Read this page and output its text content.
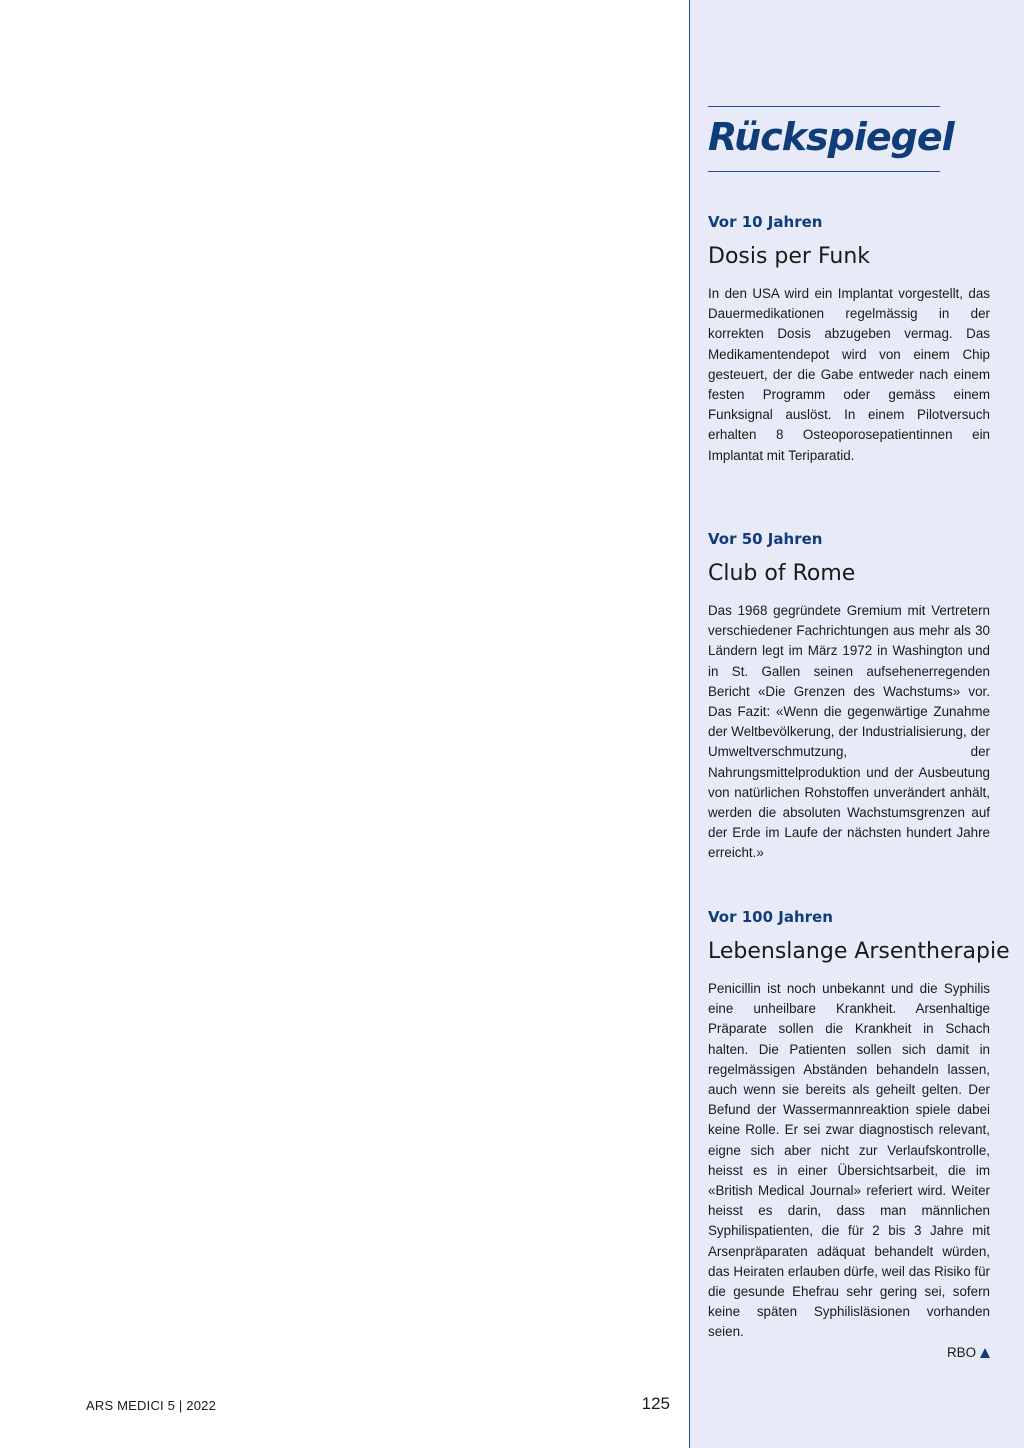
Rückspiegel

Vor 10 Jahren

Dosis per Funk

In den USA wird ein Implantat vorgestellt, das Dauermedikationen regelmässig in der korrekten Dosis abzugeben vermag. Das Medikamentendepot wird von einem Chip gesteuert, der die Gabe entweder nach einem festen Programm oder gemäss einem Funksignal auslöst. In einem Pilotversuch erhalten 8 Osteoporosepatientinnen ein Implantat mit Teriparatid.

Vor 50 Jahren

Club of Rome

Das 1968 gegründete Gremium mit Vertretern verschiedener Fachrichtungen aus mehr als 30 Ländern legt im März 1972 in Washington und in St. Gallen seinen aufsehenerregenden Bericht «Die Grenzen des Wachstums» vor. Das Fazit: «Wenn die gegenwärtige Zunahme der Weltbevölkerung, der Industrialisierung, der Umweltverschmutzung, der Nahrungsmittelproduktion und der Ausbeutung von natürlichen Rohstoffen unverändert anhält, werden die absoluten Wachstumsgrenzen auf der Erde im Laufe der nächsten hundert Jahre erreicht.»

Vor 100 Jahren

Lebenslange Arsentherapie

Penicillin ist noch unbekannt und die Syphilis eine unheilbare Krankheit. Arsenhaltige Präparate sollen die Krankheit in Schach halten. Die Patienten sollen sich damit in regelmässigen Abständen behandeln lassen, auch wenn sie bereits als geheilt gelten. Der Befund der Wassermannreaktion spiele dabei keine Rolle. Er sei zwar diagnostisch relevant, eigne sich aber nicht zur Verlaufskontrolle, heisst es in einer Übersichtsarbeit, die im «British Medical Journal» referiert wird. Weiter heisst es darin, dass man männlichen Syphilispatienten, die für 2 bis 3 Jahre mit Arsenpräparaten adäquat behandelt würden, das Heiraten erlauben dürfe, weil das Risiko für die gesunde Ehefrau sehr gering sei, sofern keine späten Syphilisläsionen vorhanden seien.

RBO
ARS MEDICI 5 | 2022	125
